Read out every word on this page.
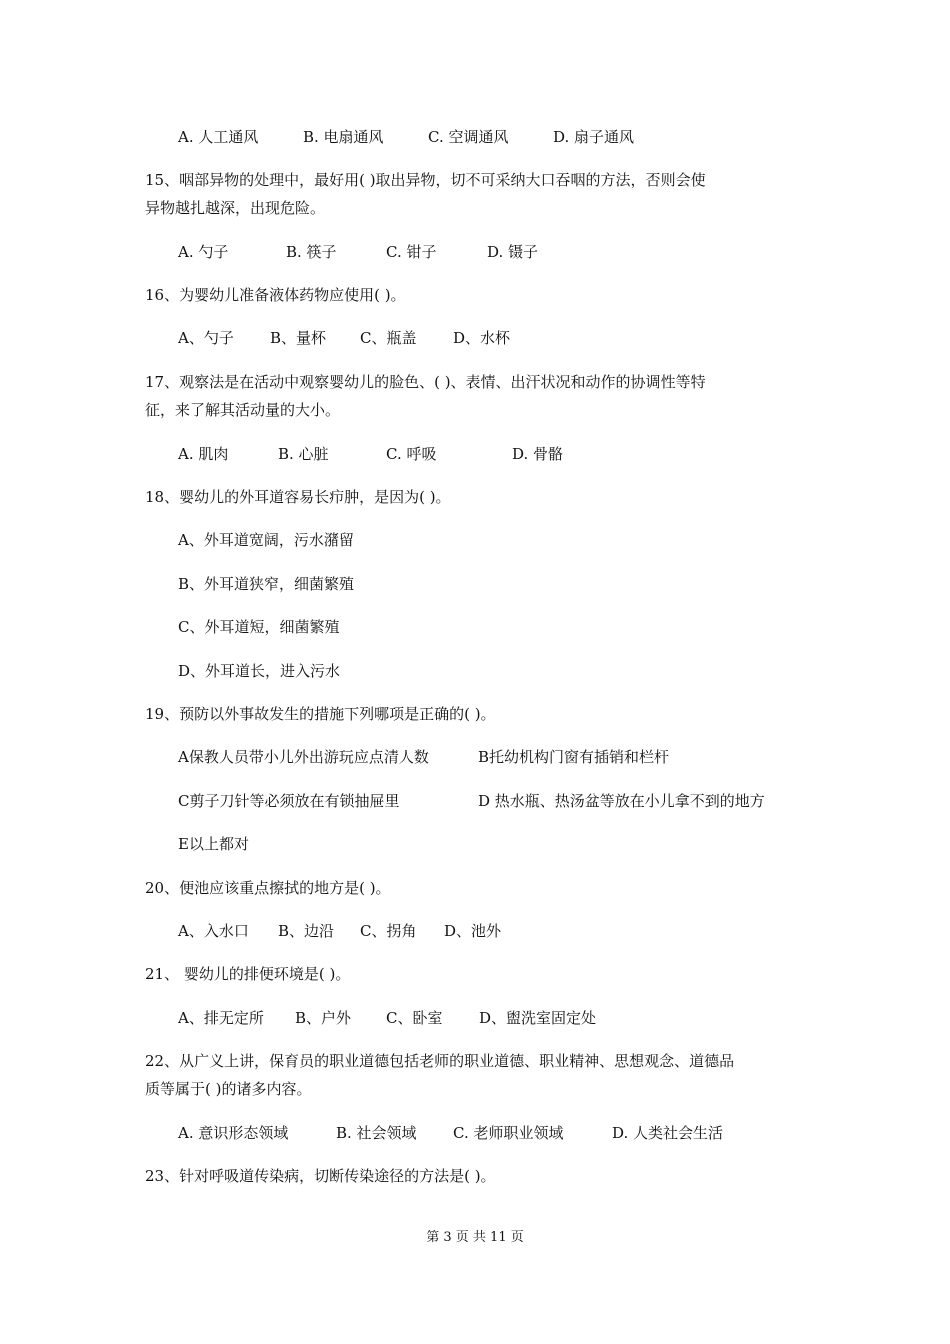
A. 人工通风	B. 电扇通风	C. 空调通风	D. 扇子通风
15、咽部异物的处理中，最好用( )取出异物，切不可采纳大口吞咽的方法，否则会使
异物越扎越深，出现危险。
A. 勺子	B. 筷子	C. 钳子	D. 镊子
16、为婴幼儿准备液体药物应使用( )。
A、勺子 B、量杯 C、瓶盖 D、水杯
17、观察法是在活动中观察婴幼儿的脸色、( )、表情、出汗状况和动作的协调性等特
征，来了解其活动量的大小。
A. 肌肉	B. 心脏	C. 呼吸	D. 骨骼
18、婴幼儿的外耳道容易长疖肿，是因为( )。
A、外耳道宽阔，污水潴留
B、外耳道狭窄，细菌繁殖
C、外耳道短，细菌繁殖
D、外耳道长，进入污水
19、预防以外事故发生的措施下列哪项是正确的( )。
A保教人员带小儿外出游玩应点清人数	B托幼机构门窗有插销和栏杆
C剪子刀针等必须放在有锁抽屉里	D 热水瓶、热汤盆等放在小儿拿不到的地方
E以上都对
20、便池应该重点擦拭的地方是( )。
A、入水口 B、边沿 C、拐角 D、池外
21、 婴幼儿的排便环境是( )。
A、排无定所 B、户外 C、卧室 D、盥洗室固定处
22、从广义上讲，保育员的职业道德包括老师的职业道德、职业精神、思想观念、道德品
质等属于( )的诸多内容。
A. 意识形态领域	B. 社会领域 C. 老师职业领域	D. 人类社会生活
23、针对呼吸道传染病，切断传染途径的方法是( )。
第 3 页 共 11 页
